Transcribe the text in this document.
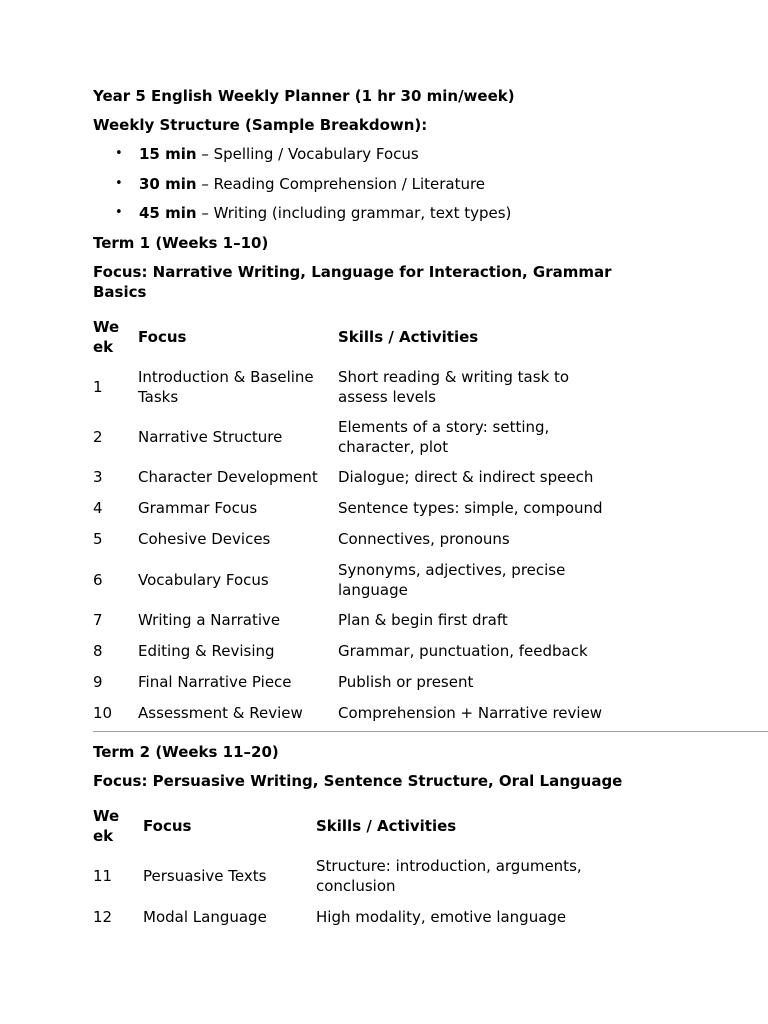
Year 5 English Weekly Planner (1 hr 30 min/week)
Weekly Structure (Sample Breakdown):
• 15 min – Spelling / Vocabulary Focus
• 30 min – Reading Comprehension / Literature
• 45 min – Writing (including grammar, text types)
Term 1 (Weeks 1–10)
Focus: Narrative Writing, Language for Interaction, Grammar Basics
Week	Focus	Skills / Activities
1	Introduction & Baseline Tasks	Short reading & writing task to assess levels
2	Narrative Structure	Elements of a story: setting, character, plot
3	Character Development	Dialogue; direct & indirect speech
4	Grammar Focus	Sentence types: simple, compound
5	Cohesive Devices	Connectives, pronouns
6	Vocabulary Focus	Synonyms, adjectives, precise language
7	Writing a Narrative	Plan & begin first draft
8	Editing & Revising	Grammar, punctuation, feedback
9	Final Narrative Piece	Publish or present
10	Assessment & Review	Comprehension + Narrative review
Term 2 (Weeks 11–20)
Focus: Persuasive Writing, Sentence Structure, Oral Language
Week	Focus	Skills / Activities
11	Persuasive Texts	Structure: introduction, arguments, conclusion
12	Modal Language	High modality, emotive language
